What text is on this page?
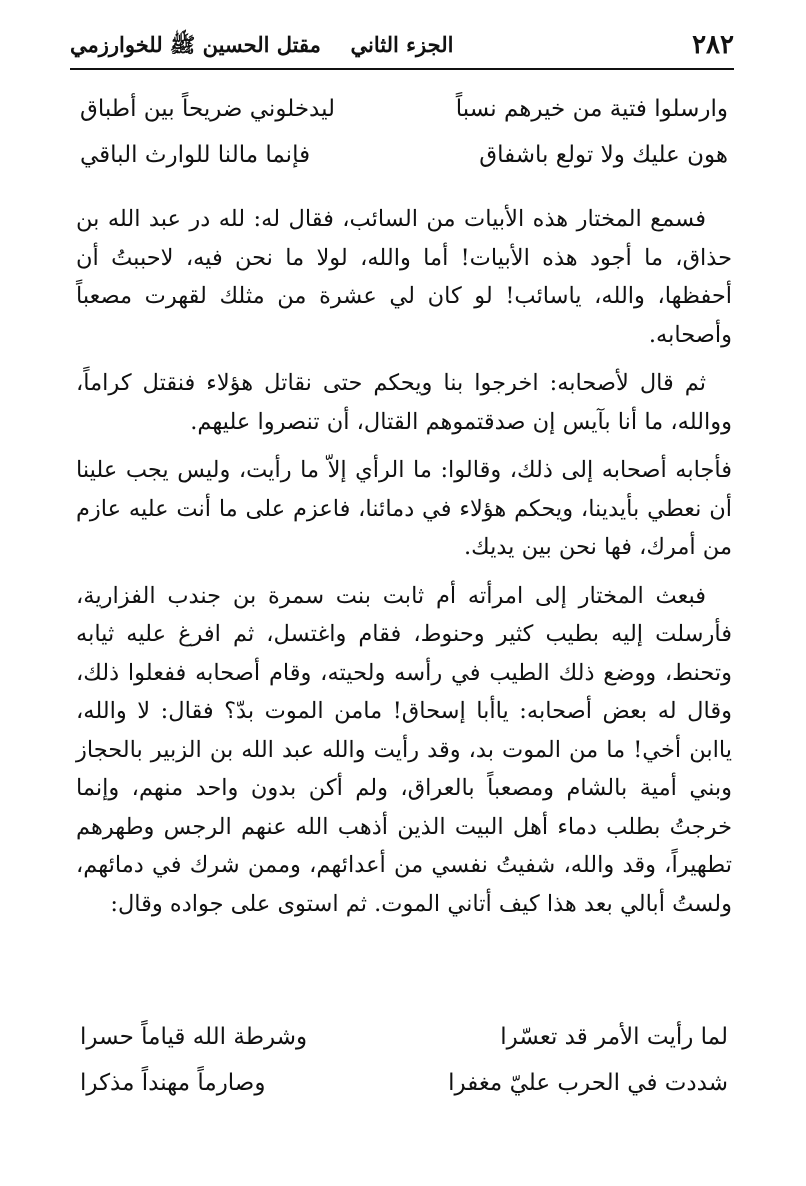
٢٨٢
الجزء الثاني
مقتل الحسين ﷺ للخوارزمي
وارسلوا فتية من خيرهم نسباً
ليدخلوني ضريحاً بين أطباق
هون عليك ولا تولع باشفاق
فإنما مالنا للوارث الباقي

فسمع المختار هذه الأبيات من السائب، فقال له: لله در عبد الله بن حذاق، ما أجود هذه الأبيات! أما والله، لولا ما نحن فيه، لاحببتُ أن أحفظها، والله، ياسائب! لو كان لي عشرة من مثلك لقهرت مصعباً وأصحابه.

ثم قال لأصحابه: اخرجوا بنا ويحكم حتى نقاتل هؤلاء فنقتل كراماً، ووالله، ما أنا بآيس إن صدقتموهم القتال، أن تنصروا عليهم.

فأجابه أصحابه إلى ذلك، وقالوا: ما الرأي إلاّ ما رأيت، وليس يجب علينا أن نعطي بأيدينا، ويحكم هؤلاء في دمائنا، فاعزم على ما أنت عليه عازم من أمرك، فها نحن بين يديك.

فبعث المختار إلى امرأته أم ثابت بنت سمرة بن جندب الفزارية، فأرسلت إليه بطيب كثير وحنوط، فقام واغتسل، ثم افرغ عليه ثيابه وتحنط، ووضع ذلك الطيب في رأسه ولحيته، وقام أصحابه ففعلوا ذلك، وقال له بعض أصحابه: ياأبا إسحاق! مامن الموت بدّ؟ فقال: لا والله، ياابن أخي! ما من الموت بد، وقد رأيت والله عبد الله بن الزبير بالحجاز وبني أمية بالشام ومصعباً بالعراق، ولم أكن بدون واحد منهم، وإنما خرجتُ بطلب دماء أهل البيت الذين أذهب الله عنهم الرجس وطهرهم تطهيراً، وقد والله، شفيتُ نفسي من أعدائهم، وممن شرك في دمائهم، ولستُ أبالي بعد هذا كيف أتاني الموت. ثم استوى على جواده وقال:

لما رأيت الأمر قد تعسّرا
وشرطة الله قياماً حسرا
شددت في الحرب عليّ مغفرا
وصارماً مهنداً مذكرا
